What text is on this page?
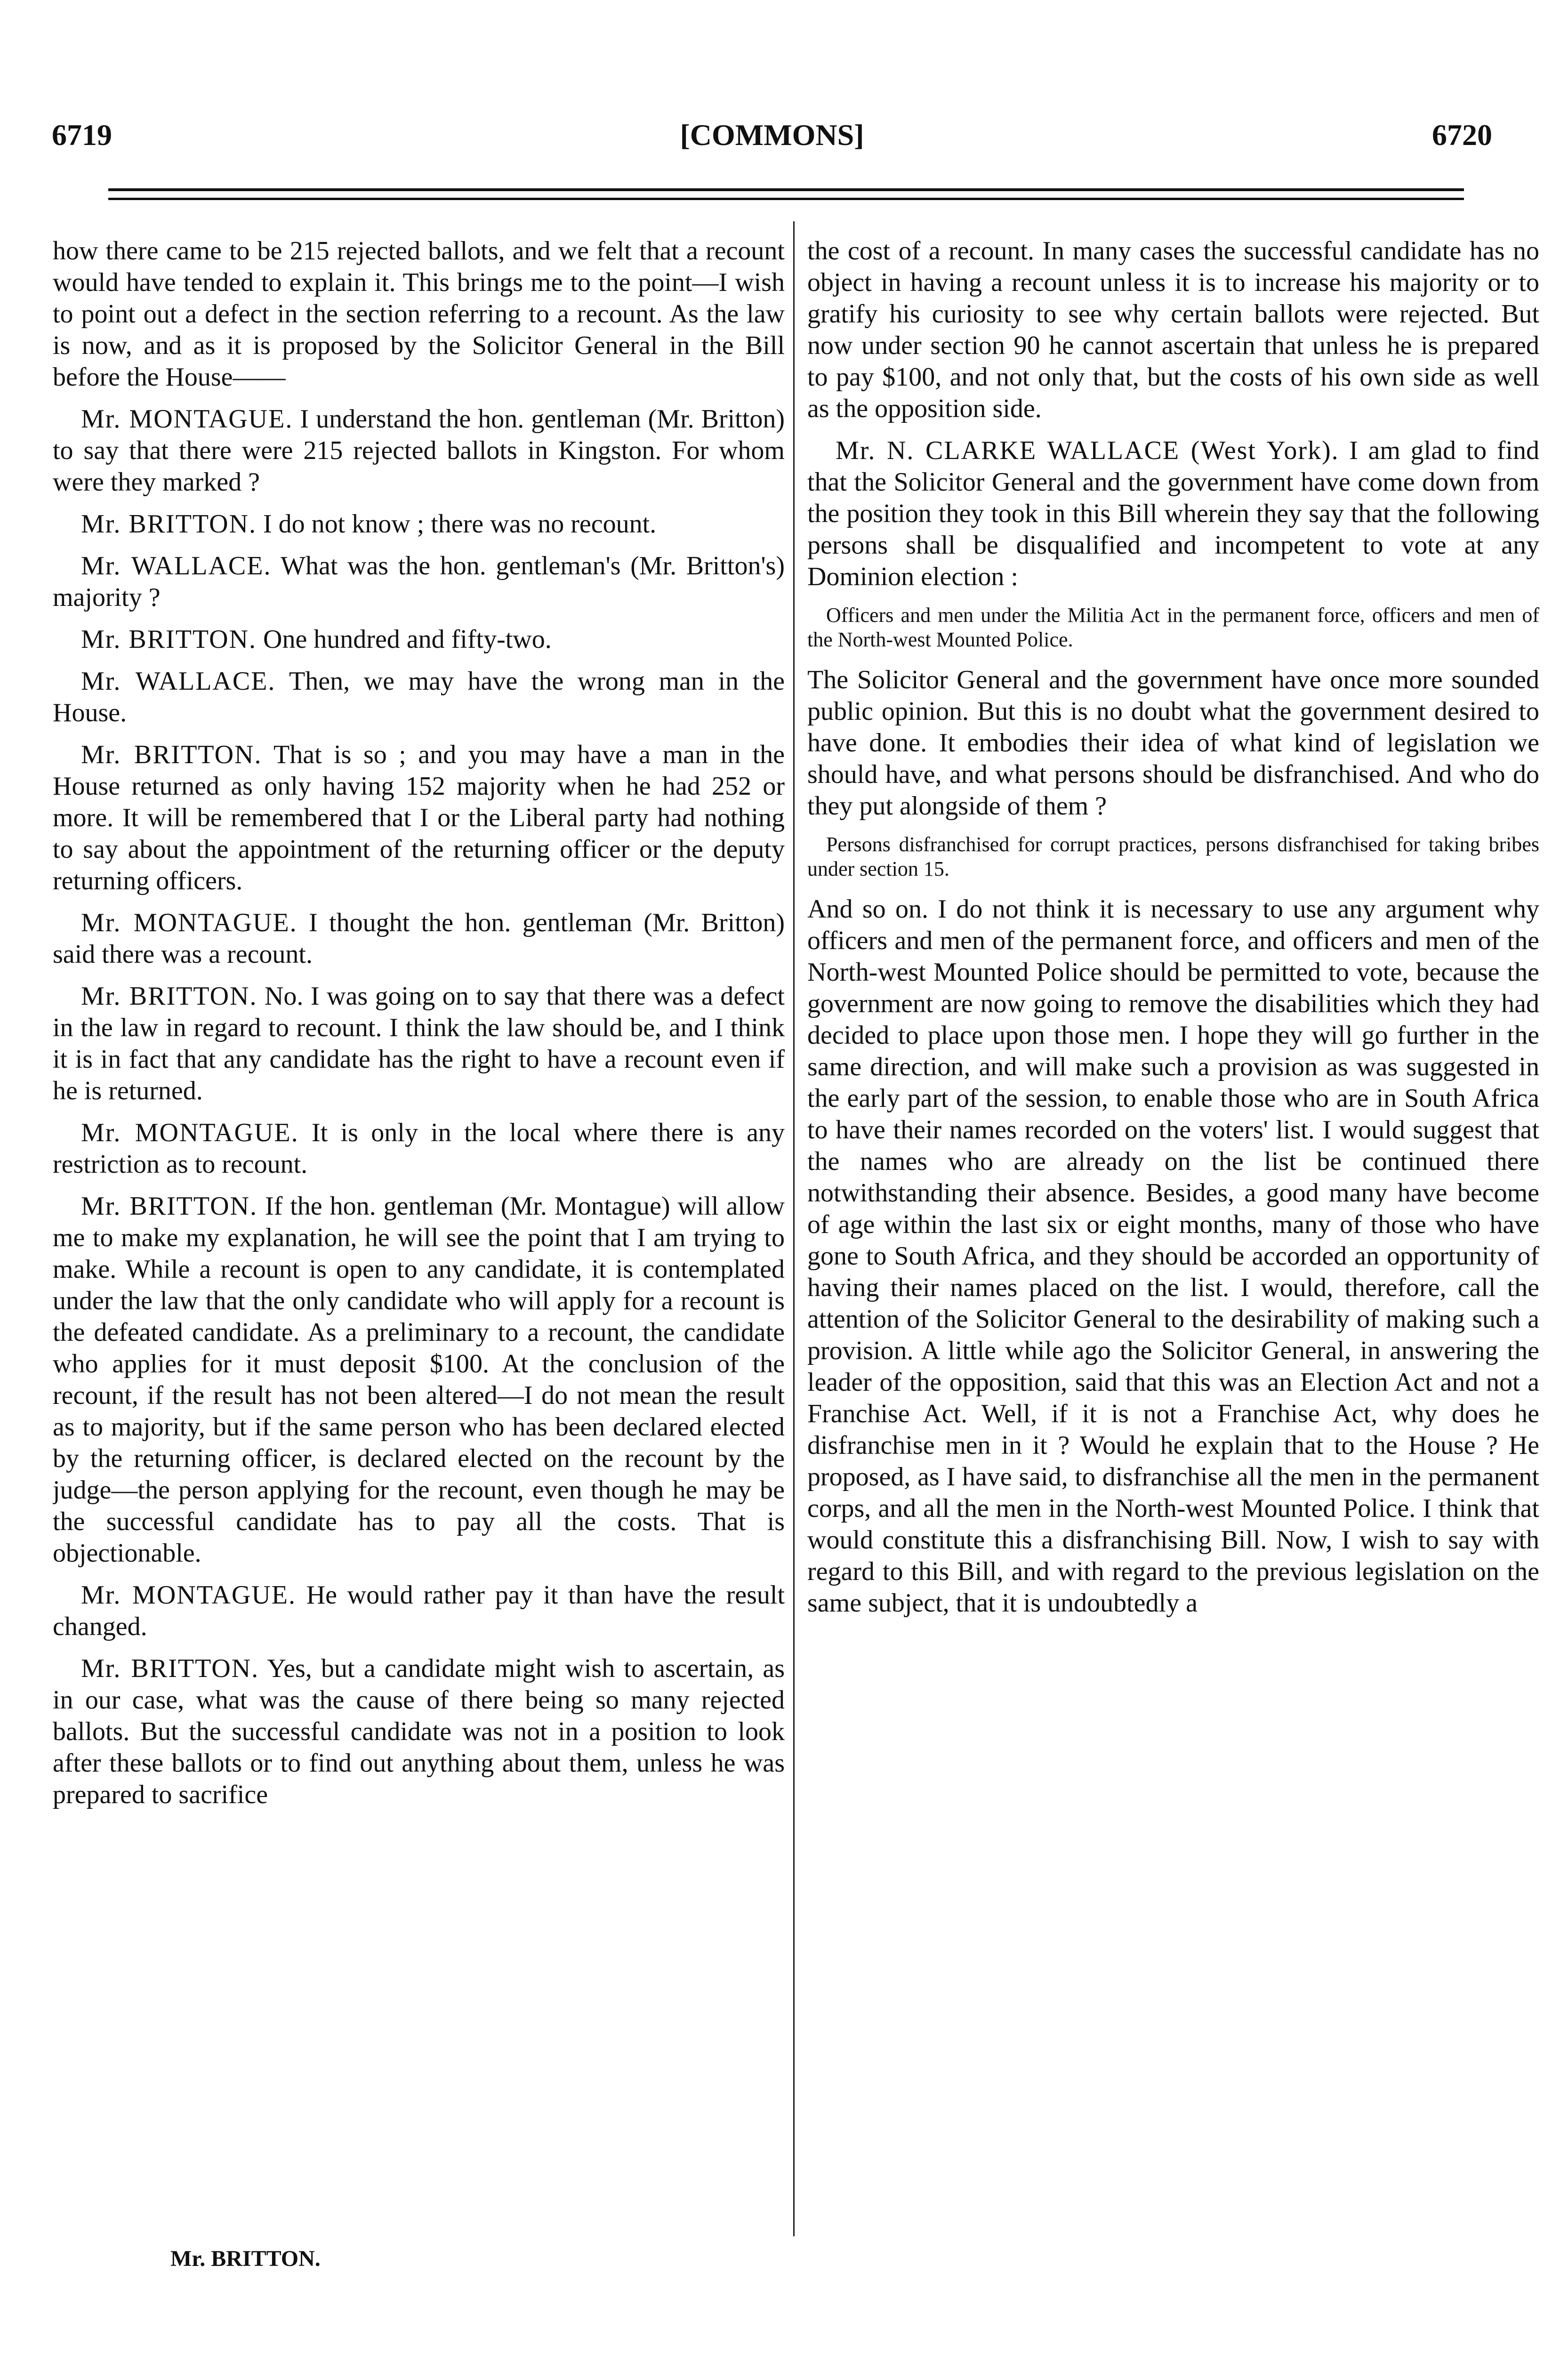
6719	[COMMONS]	6720

how there came to be 215 rejected ballots, and we felt that a recount would have tended to explain it. This brings me to the point—I wish to point out a defect in the section referring to a recount. As the law is now, and as it is proposed by the Solicitor General in the Bill before the House——

Mr. MONTAGUE. I understand the hon. gentleman (Mr. Britton) to say that there were 215 rejected ballots in Kingston. For whom were they marked ?

Mr. BRITTON. I do not know ; there was no recount.

Mr. WALLACE. What was the hon. gentleman's (Mr. Britton's) majority ?

Mr. BRITTON. One hundred and fifty-two.

Mr. WALLACE. Then, we may have the wrong man in the House.

Mr. BRITTON. That is so ; and you may have a man in the House returned as only having 152 majority when he had 252 or more. It will be remembered that I or the Liberal party had nothing to say about the appointment of the returning officer or the deputy returning officers.

Mr. MONTAGUE. I thought the hon. gentleman (Mr. Britton) said there was a recount.

Mr. BRITTON. No. I was going on to say that there was a defect in the law in regard to recount. I think the law should be, and I think it is in fact that any candidate has the right to have a recount even if he is returned.

Mr. MONTAGUE. It is only in the local where there is any restriction as to recount.

Mr. BRITTON. If the hon. gentleman (Mr. Montague) will allow me to make my explanation, he will see the point that I am trying to make. While a recount is open to any candidate, it is contemplated under the law that the only candidate who will apply for a recount is the defeated candidate. As a preliminary to a recount, the candidate who applies for it must deposit $100. At the conclusion of the recount, if the result has not been altered—I do not mean the result as to majority, but if the same person who has been declared elected by the returning officer, is declared elected on the recount by the judge—the person applying for the recount, even though he may be the successful candidate has to pay all the costs. That is objectionable.

Mr. MONTAGUE. He would rather pay it than have the result changed.

Mr. BRITTON. Yes, but a candidate might wish to ascertain, as in our case, what was the cause of there being so many rejected ballots. But the successful candidate was not in a position to look after these ballots or to find out anything about them, unless he was prepared to sacrifice

the cost of a recount. In many cases the successful candidate has no object in having a recount unless it is to increase his majority or to gratify his curiosity to see why certain ballots were rejected. But now under section 90 he cannot ascertain that unless he is prepared to pay $100, and not only that, but the costs of his own side as well as the opposition side.

Mr. N. CLARKE WALLACE (West York). I am glad to find that the Solicitor General and the government have come down from the position they took in this Bill wherein they say that the following persons shall be disqualified and incompetent to vote at any Dominion election :

Officers and men under the Militia Act in the permanent force, officers and men of the North-west Mounted Police.

The Solicitor General and the government have once more sounded public opinion. But this is no doubt what the government desired to have done. It embodies their idea of what kind of legislation we should have, and what persons should be disfranchised. And who do they put alongside of them ?

Persons disfranchised for corrupt practices, persons disfranchised for taking bribes under section 15.

And so on. I do not think it is necessary to use any argument why officers and men of the permanent force, and officers and men of the North-west Mounted Police should be permitted to vote, because the government are now going to remove the disabilities which they had decided to place upon those men. I hope they will go further in the same direction, and will make such a provision as was suggested in the early part of the session, to enable those who are in South Africa to have their names recorded on the voters' list. I would suggest that the names who are already on the list be continued there notwithstanding their absence. Besides, a good many have become of age within the last six or eight months, many of those who have gone to South Africa, and they should be accorded an opportunity of having their names placed on the list. I would, therefore, call the attention of the Solicitor General to the desirability of making such a provision. A little while ago the Solicitor General, in answering the leader of the opposition, said that this was an Election Act and not a Franchise Act. Well, if it is not a Franchise Act, why does he disfranchise men in it ? Would he explain that to the House ? He proposed, as I have said, to disfranchise all the men in the permanent corps, and all the men in the North-west Mounted Police. I think that would constitute this a disfranchising Bill. Now, I wish to say with regard to this Bill, and with regard to the previous legislation on the same subject, that it is undoubtedly a

Mr. BRITTON.
